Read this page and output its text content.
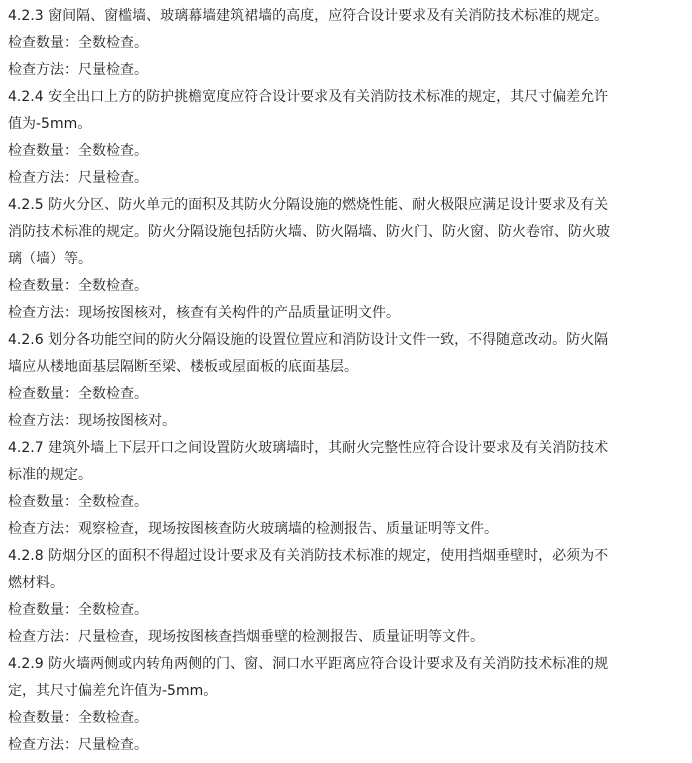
4.2.3 窗间隔、窗槛墙、玻璃幕墙建筑裙墙的高度，应符合设计要求及有关消防技术标准的规定。

检查数量：全数检查。

检查方法：尺量检查。

4.2.4 安全出口上方的防护挑檐宽度应符合设计要求及有关消防技术标准的规定，其尺寸偏差允许

值为-5mm。

检查数量：全数检查。

检查方法：尺量检查。

4.2.5 防火分区、防火单元的面积及其防火分隔设施的燃烧性能、耐火极限应满足设计要求及有关

消防技术标准的规定。防火分隔设施包括防火墙、防火隔墙、防火门、防火窗、防火卷帘、防火玻

璃（墙）等。

检查数量：全数检查。

检查方法：现场按图核对，核查有关构件的产品质量证明文件。

4.2.6 划分各功能空间的防火分隔设施的设置位置应和消防设计文件一致，不得随意改动。防火隔

墙应从楼地面基层隔断至梁、楼板或屋面板的底面基层。

检查数量：全数检查。

检查方法：现场按图核对。

4.2.7 建筑外墙上下层开口之间设置防火玻璃墙时，其耐火完整性应符合设计要求及有关消防技术

标准的规定。

检查数量：全数检查。

检查方法：观察检查，现场按图核查防火玻璃墙的检测报告、质量证明等文件。

4.2.8 防烟分区的面积不得超过设计要求及有关消防技术标准的规定，使用挡烟垂壁时，必须为不

燃材料。

检查数量：全数检查。

检查方法：尺量检查，现场按图核查挡烟垂壁的检测报告、质量证明等文件。

4.2.9 防火墙两侧或内转角两侧的门、窗、洞口水平距离应符合设计要求及有关消防技术标准的规

定，其尺寸偏差允许值为-5mm。

检查数量：全数检查。

检查方法：尺量检查。
